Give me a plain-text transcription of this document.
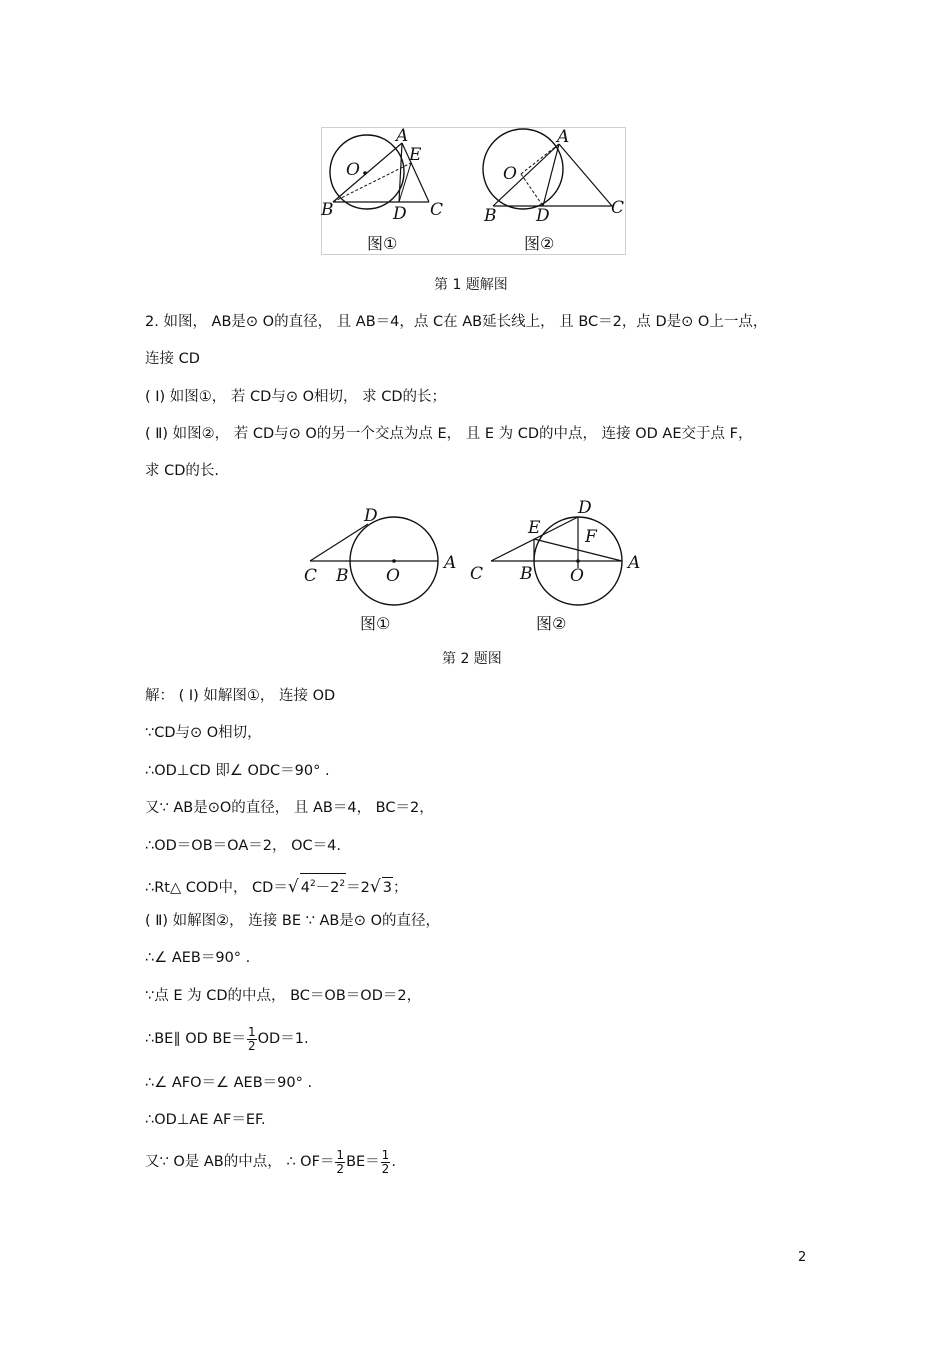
A
O
E
B	D C
图①
A
O
B D	C
图②
第 1 题解图
2. 如图， AB是⊙ O的直径， 且 AB＝4，点 C在 AB延长线上， 且 BC＝2，点 D是⊙ O上一点，
连接 CD
( Ⅰ) 如图①， 若 CD与⊙ O相切， 求 CD的长；
( Ⅱ) 如图②， 若 CD与⊙ O的另一个交点为点 E， 且 E 为 CD的中点， 连接 OD AE交于点 F，
求 CD的长.
D
C B O
A
图①
D
E	F
C B O
A
图②
第 2 题图
解： ( Ⅰ) 如解图①， 连接 OD
∵CD与⊙ O相切，
∴OD⊥CD 即∠ ODC＝90° .
又∵ AB是⊙O的直径， 且 AB＝4， BC＝2，
∴OD＝OB＝OA＝2， OC＝4.
∴Rt△ COD中， CD＝√ $4^2-2^2=2√$ 3；
( Ⅱ) 如解图②， 连接 BE ∵ AB是⊙ O的直径，
∴∠ AEB＝90° .
∵点 E 为 CD的中点， BC＝OB＝OD＝2，
∴BE∥ OD $BE= \frac{1}{2} OD=1$.
∴∠ AFO＝∠ AEB＝90° .
∴OD⊥AE AF＝EF.
又∵ O是 AB的中点， ∴ $OF= \frac{1}{2} BE= \frac{1}{2}$ .
2
